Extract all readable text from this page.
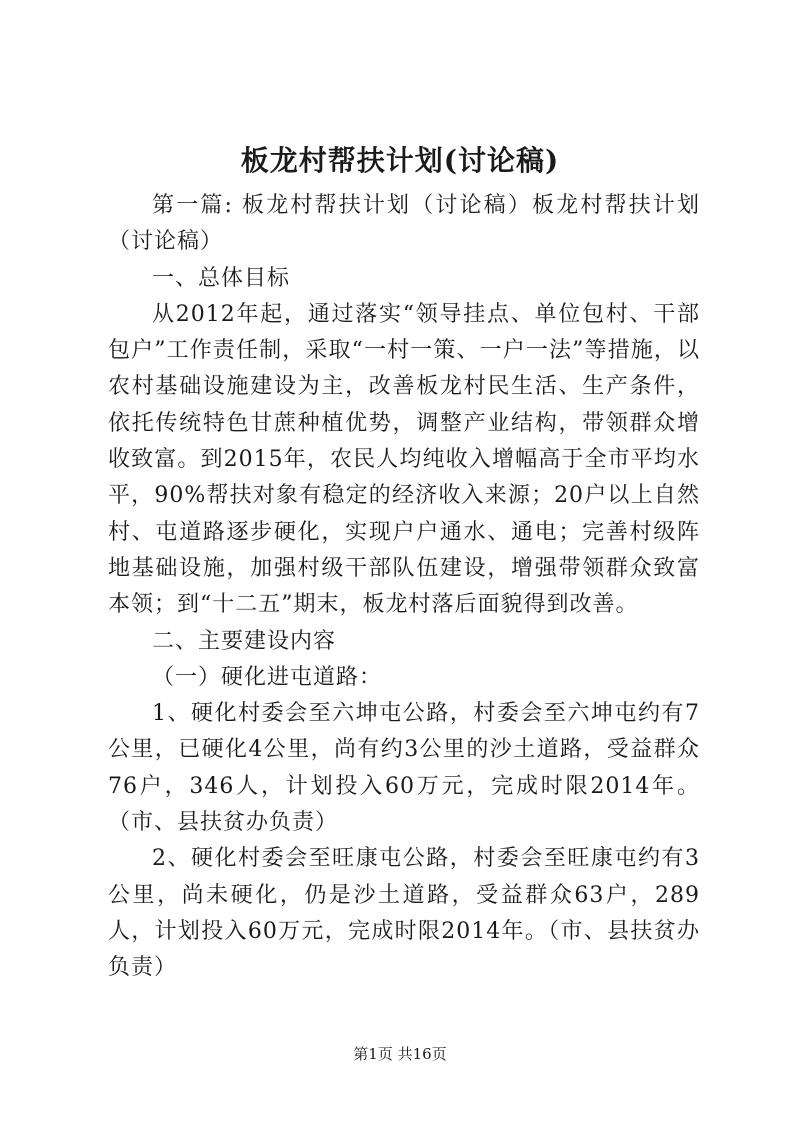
板龙村帮扶计划(讨论稿)

第一篇: 板龙村帮扶计划（讨论稿）板龙村帮扶计划（讨论稿）

一、总体目标

从2012年起，通过落实“领导挂点、单位包村、干部包户”工作责任制，采取“一村一策、一户一法”等措施，以农村基础设施建设为主，改善板龙村民生活、生产条件，依托传统特色甘蔗种植优势，调整产业结构，带领群众增收致富。到2015年，农民人均纯收入增幅高于全市平均水平，90%帮扶对象有稳定的经济收入来源；20户以上自然村、屯道路逐步硬化，实现户户通水、通电；完善村级阵地基础设施，加强村级干部队伍建设，增强带领群众致富本领；到“十二五”期末，板龙村落后面貌得到改善。

二、主要建设内容

（一）硬化进屯道路：

1、硬化村委会至六坤屯公路，村委会至六坤屯约有7公里，已硬化4公里，尚有约3公里的沙土道路，受益群众76户，346人，计划投入60万元，完成时限2014年。（市、县扶贫办负责）

2、硬化村委会至旺康屯公路，村委会至旺康屯约有3公里，尚未硬化，仍是沙土道路，受益群众63户，289人，计划投入60万元，完成时限2014年。（市、县扶贫办负责）

第1页 共16页
